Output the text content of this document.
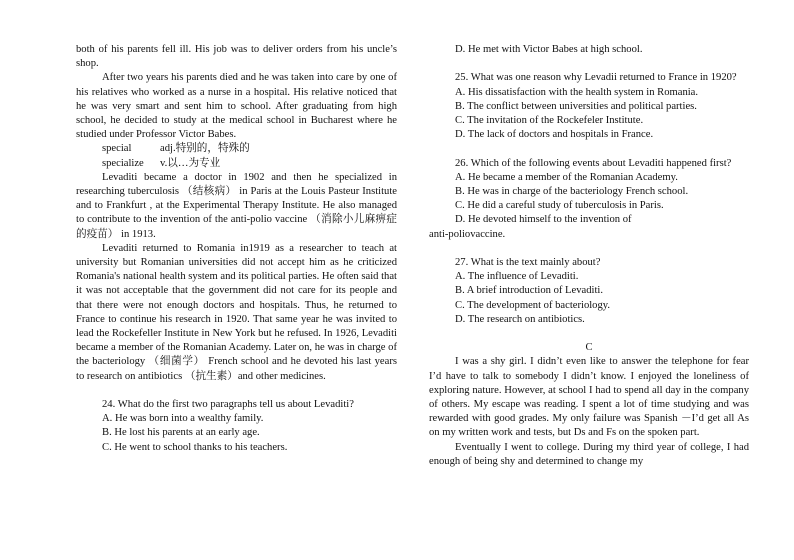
both of his parents fell ill. His job was to deliver orders from his uncle’s shop.

After two years his parents died and he was taken into care by one of his relatives who worked as a nurse in a hospital. His relative noticed that he was very smart and sent him to school. After graduating from high school, he decided to study at the medical school in Bucharest where he studied under Professor Victor Babes.

special	adj.特别的，特殊的
specialize v.以…为专业

Levaditi became a doctor in 1902 and then he specialized in researching tuberculosis （结核病） in Paris at the Louis Pasteur Institute and to Frankfurt , at the Experimental Therapy Institute. He also managed to contribute to the invention of the anti-polio vaccine （消除小儿麻痹症的疫苗） in 1913.

Levaditi returned to Romania in1919 as a researcher to teach at university but Romanian universities did not accept him as he criticized Romania's national health system and its political parties. He often said that it was not acceptable that the government did not care for its people and that there were not enough doctors and hospitals. Thus, he returned to France to continue his research in 1920. That same year he was invited to lead the Rockefeller Institute in New York but he refused. In 1926, Levaditi became a member of the Romanian Academy. Later on, he was in charge of the bacteriology （细菌学） French school and he devoted his last years to research on antibiotics （抗生素）and other medicines.

24. What do the first two paragraphs tell us about Levaditi?

A. He was born into a wealthy family.

B. He lost his parents at an early age.

C. He went to school thanks to his teachers.

D. He met with Victor Babes at high school.

25. What was one reason why Levadii returned to France in 1920?

A. His dissatisfaction with the health system in Romania.

B. The conflict between universities and political parties.

C. The invitation of the Rockefeler Institute.

D. The lack of doctors and hospitals in France.

26. Which of the following events about Levaditi happened first?

A. He became a member of the Romanian Academy.

B. He was in charge of the bacteriology French school.

C. He did a careful study of tuberculosis in Paris.

D. He devoted himself to the invention of

anti-poliovaccine.

27. What is the text mainly about?

A. The influence of Levaditi.

B. A brief introduction of Levaditi.

C. The development of bacteriology.

D. The research on antibiotics.

C

I was a shy girl. I didn’t even like to answer the telephone for fear I’d have to talk to somebody I didn’t know. I enjoyed the loneliness of exploring nature. However, at school I had to spend all day in the company of others. My escape was reading. I spent a lot of time studying and was rewarded with good grades. My only failure was Spanish －I’d get all As on my written work and tests, but Ds and Fs on the spoken part.

Eventually I went to college. During my third year of college, I had enough of being shy and determined to change my
